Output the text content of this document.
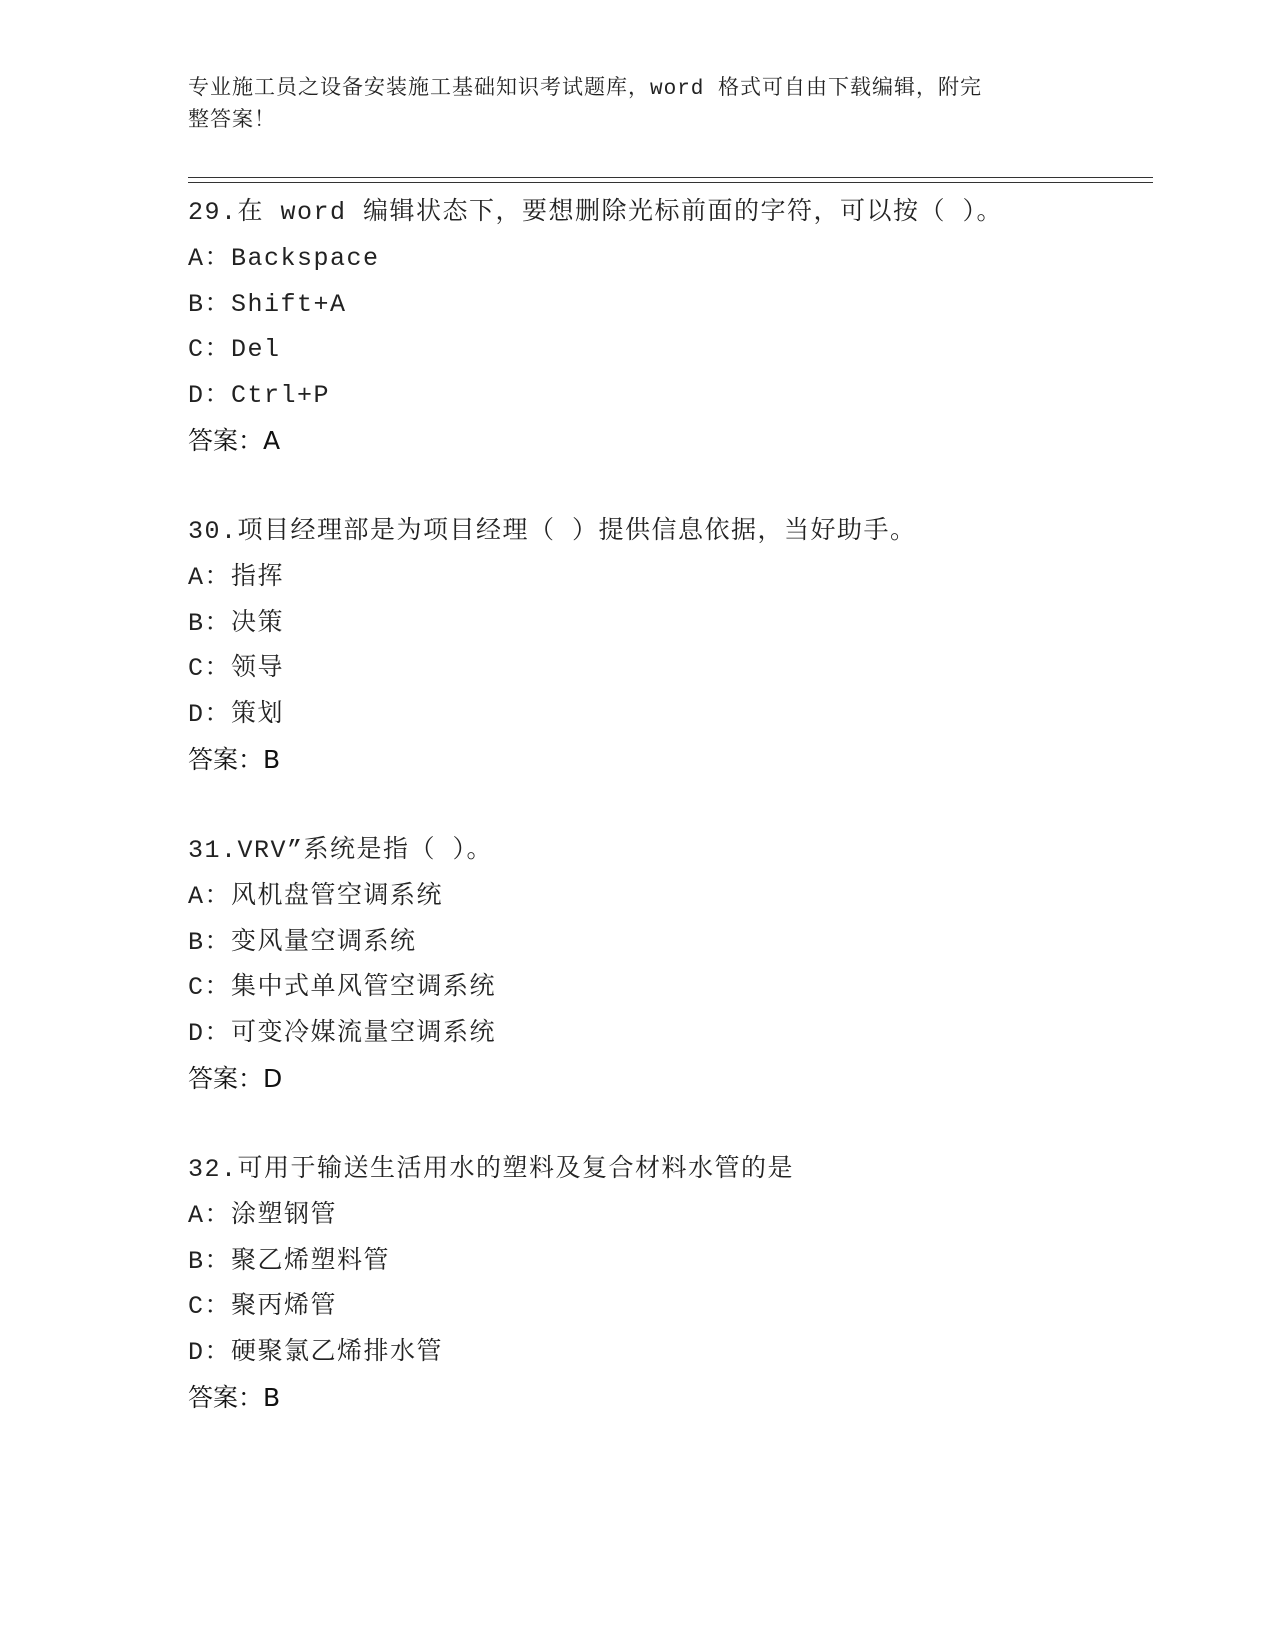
专业施工员之设备安装施工基础知识考试题库，word 格式可自由下载编辑，附完
整答案！
29.在 word 编辑状态下，要想删除光标前面的字符，可以按（ ）。
A：Backspace
B：Shift+A
C：Del
D：Ctrl+P
答案：A
30.项目经理部是为项目经理（ ）提供信息依据，当好助手。
A：指挥
B：决策
C：领导
D：策划
答案：B
31.VRV”系统是指（ ）。
A：风机盘管空调系统
B：变风量空调系统
C：集中式单风管空调系统
D：可变冷媒流量空调系统
答案：D
32.可用于输送生活用水的塑料及复合材料水管的是
A：涂塑钢管
B：聚乙烯塑料管
C：聚丙烯管
D：硬聚氯乙烯排水管
答案：B
